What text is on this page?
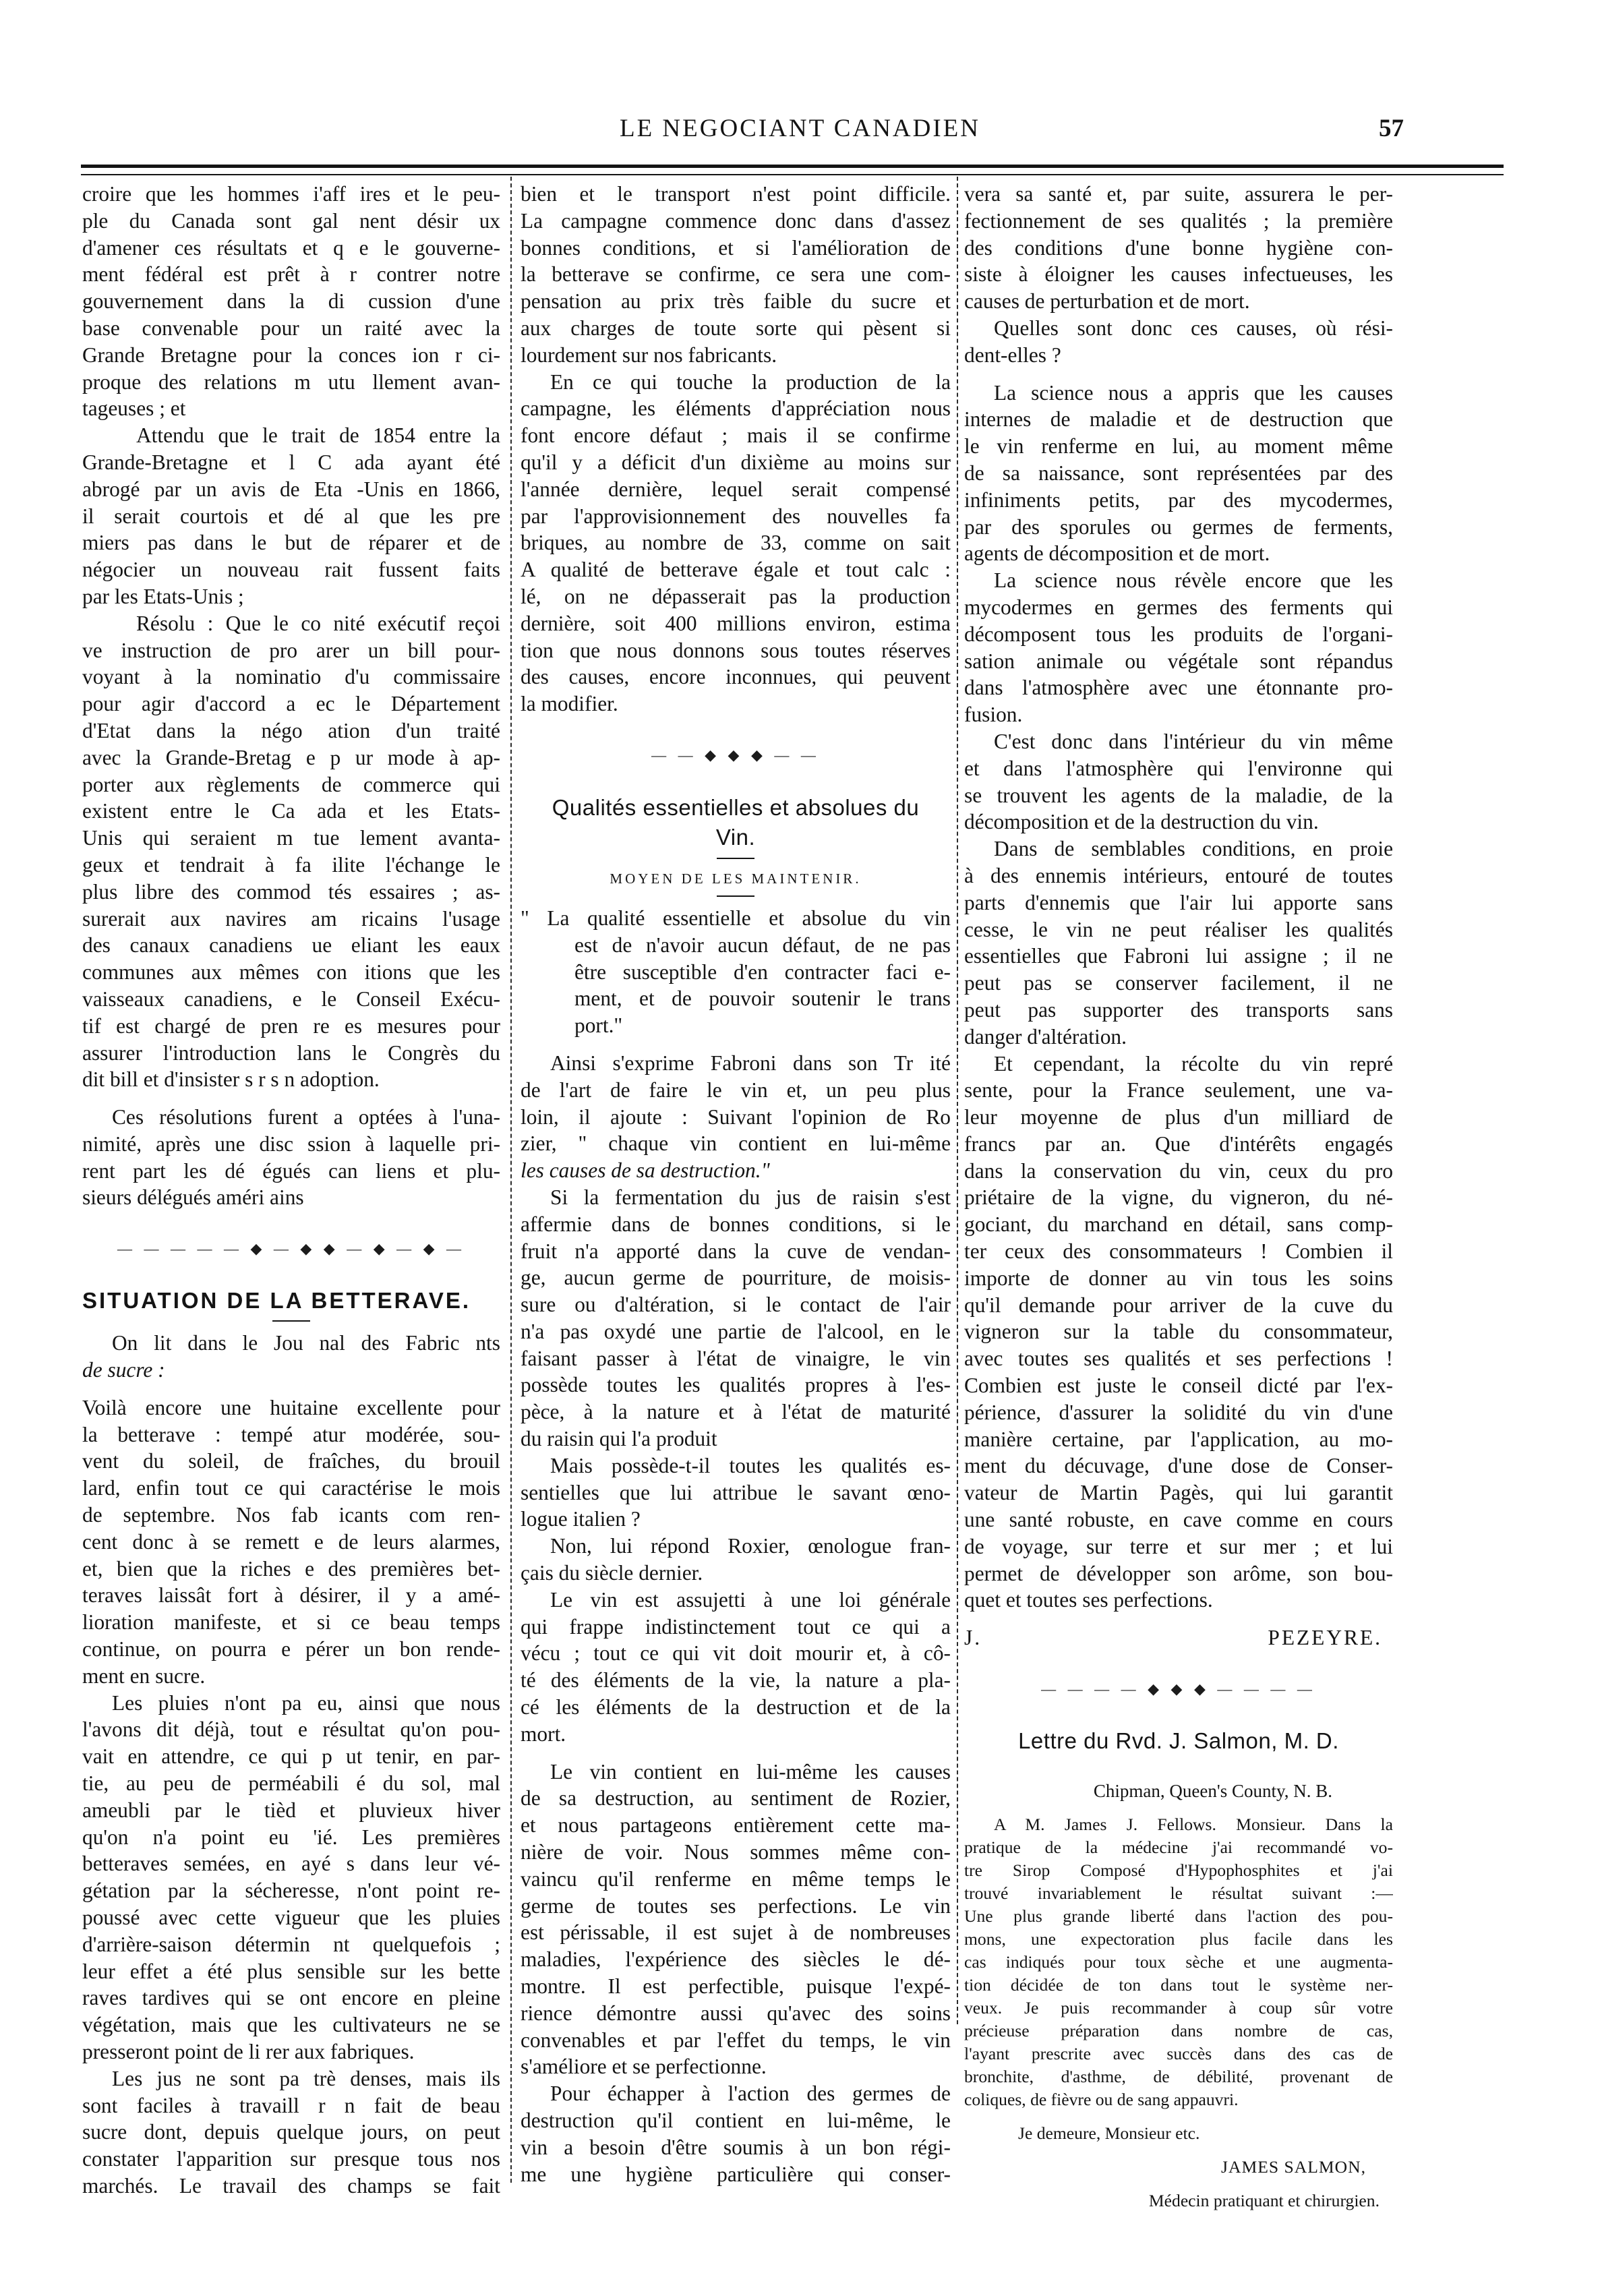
LE NEGOCIANT CANADIEN	57
croire que les hommes i'aff ires et le peu-
ple du Canada sont gal nent désir ux
d'amener ces résultats et q e le gouverne-
ment fédéral est prêt à r contrer notre
gouvernement dans la di cussion d'une
base convenable pour un raité avec la
Grande Bretagne pour la conces ion r ci-
proque des relations m utu llement avan-
tageuses ; et
Attendu que le trait de 1854 entre la
Grande-Bretagne et l C ada ayant été
abrogé par un avis de Eta -Unis en 1866,
il serait courtois et dé al que les pre
miers pas dans le but de réparer et de
négocier un nouveau rait fussent faits
par les Etats-Unis ;
Résolu : Que le co nité exécutif reçoi
ve instruction de pro arer un bill pour-
voyant à la nominatio d'u commissaire
pour agir d'accord a ec le Département
d'Etat dans la négo ation d'un traité
avec la Grande-Bretag e p ur mode à ap-
porter aux règlements de commerce qui
existent entre le Ca ada et les Etats-
Unis qui seraient m tue lement avanta-
geux et tendrait à fa ilite l'échange le
plus libre des commod tés essaires ; as-
surerait aux navires am ricains l'usage
des canaux canadiens ue eliant les eaux
communes aux mêmes con itions que les
vaisseaux canadiens, e le Conseil Exécu-
tif est chargé de pren re es mesures pour
assurer l'introduction lans le Congrès du
dit bill et d'insister s r s n adoption.
Ces résolutions furent a optées à l'una-
nimité, après une disc ssion à laquelle pri-
rent part les dé égués can liens et plu-
sieurs délégués améri ains
— — — — — ◆ — ◆ ◆ — ◆ — ◆ —
SITUATION DE LA BETTERAVE.
On lit dans le Jou nal des Fabric nts
de sucre :
Voilà encore une huitaine excellente pour
la betterave : tempé atur modérée, sou-
vent du soleil, de fraîches, du brouil
lard, enfin tout ce qui caractérise le mois
de septembre. Nos fab icants com ren-
cent donc à se remett e de leurs alarmes,
et, bien que la riches e des premières bet-
teraves laissât fort à désirer, il y a amé-
lioration manifeste, et si ce beau temps
continue, on pourra e pérer un bon rende-
ment en sucre.
Les pluies n'ont pa eu, ainsi que nous
l'avons dit déjà, tout e résultat qu'on pou-
vait en attendre, ce qui p ut tenir, en par-
tie, au peu de perméabili é du sol, mal
ameubli par le tièd et pluvieux hiver
qu'on n'a point eu 'ié. Les premières
betteraves semées, en ayé s dans leur vé-
gétation par la sécheresse, n'ont point re-
poussé avec cette vigueur que les pluies
d'arrière-saison détermin nt quelquefois ;
leur effet a été plus sensible sur les bette
raves tardives qui se ont encore en pleine
végétation, mais que les cultivateurs ne se
presseront point de li rer aux fabriques.
Les jus ne sont pa trè denses, mais ils
sont faciles à travaill r n fait de beau
sucre dont, depuis quelque jours, on peut
constater l'apparition sur presque tous nos
marchés. Le travail des champs se fait
bien et le transport n'est point difficile.
La campagne commence donc dans d'assez
bonnes conditions, et si l'amélioration de
la betterave se confirme, ce sera une com-
pensation au prix très faible du sucre et
aux charges de toute sorte qui pèsent si
lourdement sur nos fabricants.
En ce qui touche la production de la
campagne, les éléments d'appréciation nous
font encore défaut ; mais il se confirme
qu'il y a déficit d'un dixième au moins sur
l'année dernière, lequel serait compensé
par l'approvisionnement des nouvelles fa
briques, au nombre de 33, comme on sait
A qualité de betterave égale et tout calc :
lé, on ne dépasserait pas la production
dernière, soit 400 millions environ, estima
tion que nous donnons sous toutes réserves
des causes, encore inconnues, qui peuvent
la modifier.
— — ◆ ◆ ◆ — —
Qualités essentielles et absolues du Vin.
MOYEN DE LES MAINTENIR.
" La qualité essentielle et absolue du vin
est de n'avoir aucun défaut, de ne pas
être susceptible d'en contracter faci e-
ment, et de pouvoir soutenir le trans
port."
Ainsi s'exprime Fabroni dans son Tr ité
de l'art de faire le vin et, un peu plus
loin, il ajoute : Suivant l'opinion de Ro
zier, " chaque vin contient en lui-même
les causes de sa destruction."
Si la fermentation du jus de raisin s'est
affermie dans de bonnes conditions, si le
fruit n'a apporté dans la cuve de vendan-
ge, aucun germe de pourriture, de moisis-
sure ou d'altération, si le contact de l'air
n'a pas oxydé une partie de l'alcool, en le
faisant passer à l'état de vinaigre, le vin
possède toutes les qualités propres à l'es-
pèce, à la nature et à l'état de maturité
du raisin qui l'a produit
Mais possède-t-il toutes les qualités es-
sentielles que lui attribue le savant œno-
logue italien ?
Non, lui répond Roxier, œnologue fran-
çais du siècle dernier.
Le vin est assujetti à une loi générale
qui frappe indistinctement tout ce qui a
vécu ; tout ce qui vit doit mourir et, à cô-
té des éléments de la vie, la nature a pla-
cé les éléments de la destruction et de la
mort.
Le vin contient en lui-même les causes
de sa destruction, au sentiment de Rozier,
et nous partageons entièrement cette ma-
nière de voir. Nous sommes même con-
vaincu qu'il renferme en même temps le
germe de toutes ses perfections. Le vin
est périssable, il est sujet à de nombreuses
maladies, l'expérience des siècles le dé-
montre. Il est perfectible, puisque l'expé-
rience démontre aussi qu'avec des soins
convenables et par l'effet du temps, le vin
s'améliore et se perfectionne.
Pour échapper à l'action des germes de
destruction qu'il contient en lui-même, le
vin a besoin d'être soumis à un bon régi-
me une hygiène particulière qui conser-
vera sa santé et, par suite, assurera le per-
fectionnement de ses qualités ; la première
des conditions d'une bonne hygiène con-
siste à éloigner les causes infectueuses, les
causes de perturbation et de mort.
Quelles sont donc ces causes, où rési-
dent-elles ?
La science nous a appris que les causes
internes de maladie et de destruction que
le vin renferme en lui, au moment même
de sa naissance, sont représentées par des
infiniments petits, par des mycodermes,
par des sporules ou germes de ferments,
agents de décomposition et de mort.
La science nous révèle encore que les
mycodermes en germes des ferments qui
décomposent tous les produits de l'organi-
sation animale ou végétale sont répandus
dans l'atmosphère avec une étonnante pro-
fusion.
C'est donc dans l'intérieur du vin même
et dans l'atmosphère qui l'environne qui
se trouvent les agents de la maladie, de la
décomposition et de la destruction du vin.
Dans de semblables conditions, en proie
à des ennemis intérieurs, entouré de toutes
parts d'ennemis que l'air lui apporte sans
cesse, le vin ne peut réaliser les qualités
essentielles que Fabroni lui assigne ; il ne
peut pas se conserver facilement, il ne
peut pas supporter des transports sans
danger d'altération.
Et cependant, la récolte du vin repré
sente, pour la France seulement, une va-
leur moyenne de plus d'un milliard de
francs par an. Que d'intérêts engagés
dans la conservation du vin, ceux du pro
priétaire de la vigne, du vigneron, du né-
gociant, du marchand en détail, sans comp-
ter ceux des consommateurs ! Combien il
importe de donner au vin tous les soins
qu'il demande pour arriver de la cuve du
vigneron sur la table du consommateur,
avec toutes ses qualités et ses perfections !
Combien est juste le conseil dicté par l'ex-
périence, d'assurer la solidité du vin d'une
manière certaine, par l'application, au mo-
ment du décuvage, d'une dose de Conser-
vateur de Martin Pagès, qui lui garantit
une santé robuste, en cave comme en cours
de voyage, sur terre et sur mer ; et lui
permet de développer son arôme, son bou-
quet et toutes ses perfections.
J. PEZEYRE.
— — — — ◆ ◆ ◆ — — — —
Lettre du Rvd. J. Salmon, M. D.
Chipman, Queen's County, N. B.
A M. James J. Fellows. Monsieur. Dans la
pratique de la médecine j'ai recommandé vo-
tre Sirop Composé d'Hypophosphites et j'ai
trouvé invariablement le résultat suivant :—
Une plus grande liberté dans l'action des pou-
mons, une expectoration plus facile dans les
cas indiqués pour toux sèche et une augmenta-
tion décidée de ton dans tout le système ner-
veux. Je puis recommander à coup sûr votre
précieuse préparation dans nombre de cas,
l'ayant prescrite avec succès dans des cas de
bronchite, d'asthme, de débilité, provenant de
coliques, de fièvre ou de sang appauvri.
Je demeure, Monsieur etc.
JAMES SALMON,
Médecin pratiquant et chirurgien.
